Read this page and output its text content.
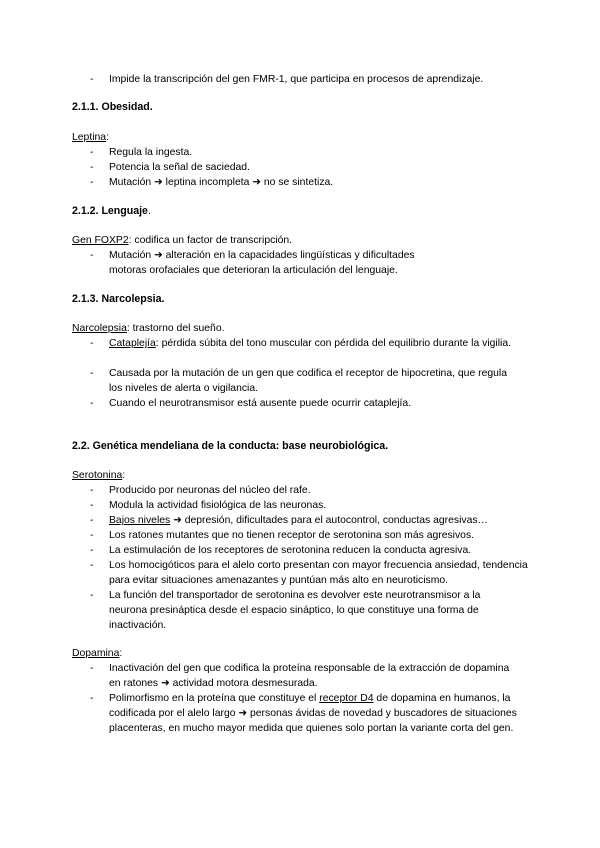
- Impide la transcripción del gen FMR-1, que participa en procesos de aprendizaje.
2.1.1. Obesidad.
Leptina:
- Regula la ingesta.
- Potencia la señal de saciedad.
- Mutación ➜ leptina incompleta ➜ no se sintetiza.
2.1.2. Lenguaje.
Gen FOXP2: codifica un factor de transcripción.
- Mutación ➜ alteración en la capacidades lingüísticas y dificultades motoras orofaciales que deterioran la articulación del lenguaje.
2.1.3. Narcolepsia.
Narcolepsia: trastorno del sueño.
- Cataplejía: pérdida súbita del tono muscular con pérdida del equilibrio durante la vigilia.
- Causada por la mutación de un gen que codifica el receptor de hipocretina, que regula los niveles de alerta o vigilancia.
- Cuando el neurotransmisor está ausente puede ocurrir cataplejía.
2.2. Genética mendeliana de la conducta: base neurobiológica.
Serotonina:
- Producido por neuronas del núcleo del rafe.
- Modula la actividad fisiológica de las neuronas.
- Bajos niveles ➜ depresión, dificultades para el autocontrol, conductas agresivas…
- Los ratones mutantes que no tienen receptor de serotonina son más agresivos.
- La estimulación de los receptores de serotonina reducen la conducta agresiva.
- Los homocigóticos para el alelo corto presentan con mayor frecuencia ansiedad, tendencia para evitar situaciones amenazantes y puntúan más alto en neuroticismo.
- La función del transportador de serotonina es devolver este neurotransmisor a la neurona presináptica desde el espacio sináptico, lo que constituye una forma de inactivación.
Dopamina:
- Inactivación del gen que codifica la proteína responsable de la extracción de dopamina en ratones ➜ actividad motora desmesurada.
- Polimorfismo en la proteína que constituye el receptor D4 de dopamina en humanos, la codificada por el alelo largo ➜ personas ávidas de novedad y buscadores de situaciones placenteras, en mucho mayor medida que quienes solo portan la variante corta del gen.
